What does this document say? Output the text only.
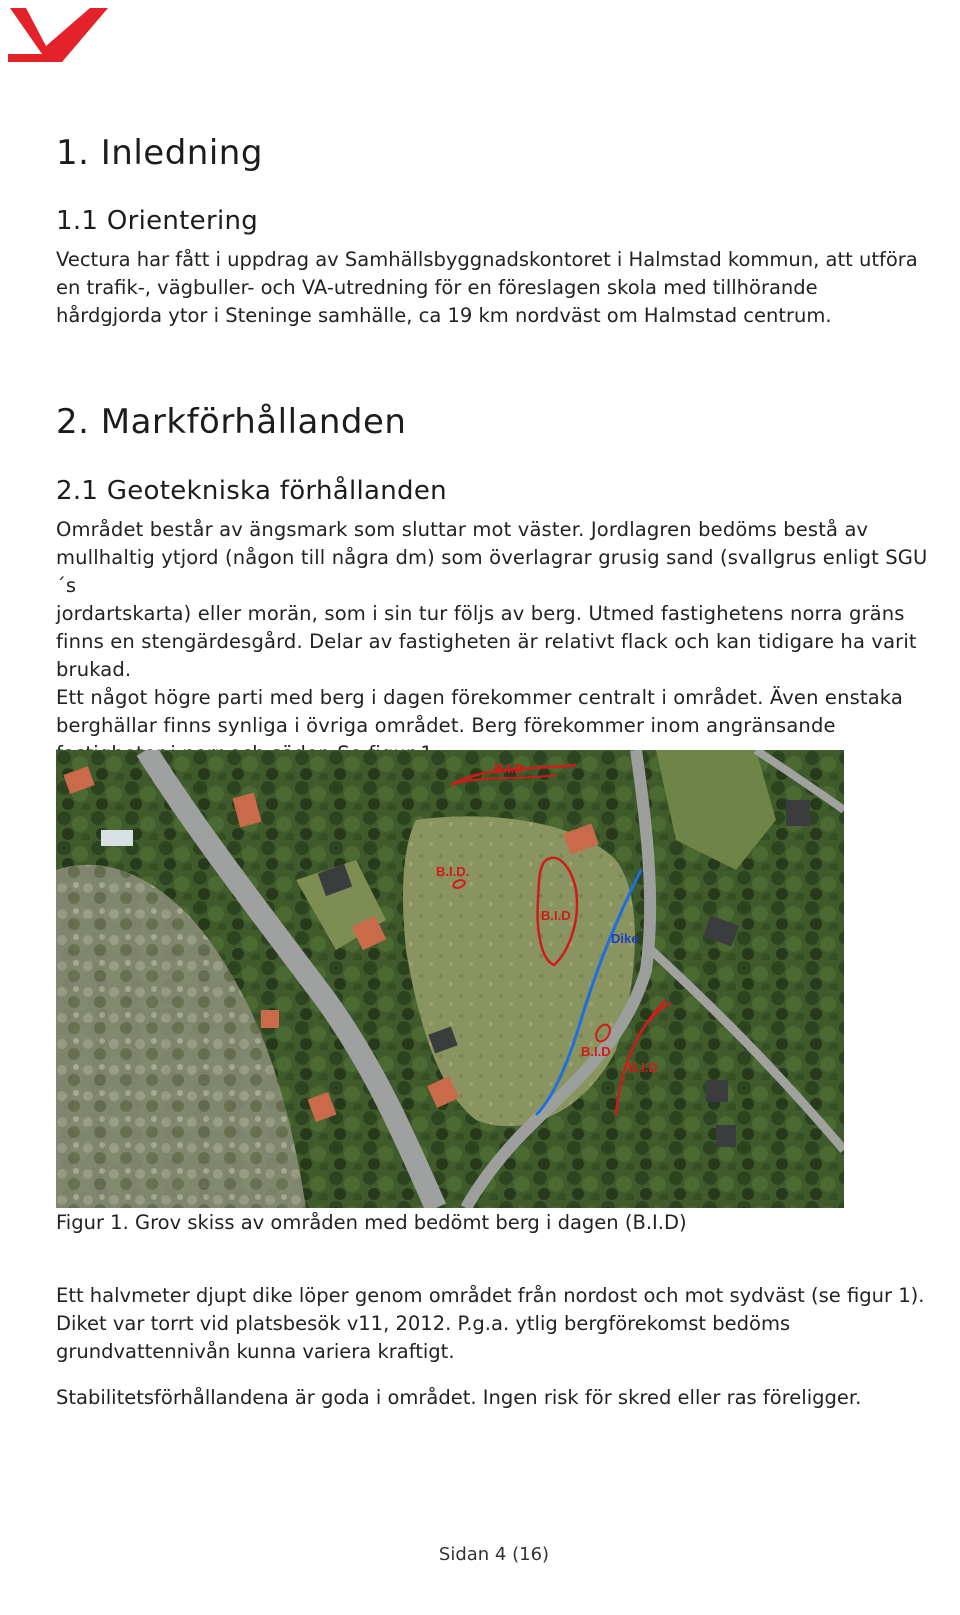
1. Inledning
1.1 Orientering

Vectura har fått i uppdrag av Samhällsbyggnadskontoret i Halmstad kommun, att utföra
en trafik-, vägbuller- och VA-utredning för en föreslagen skola med tillhörande
hårdgjorda ytor i Steninge samhälle, ca 19 km nordväst om Halmstad centrum.

2. Markförhållanden
2.1 Geotekniska förhållanden

Området består av ängsmark som sluttar mot väster. Jordlagren bedöms bestå av
mullhaltig ytjord (någon till några dm) som överlagrar grusig sand (svallgrus enligt SGU´s
jordartskarta) eller morän, som i sin tur följs av berg. Utmed fastighetens norra gräns
finns en stengärdesgård. Delar av fastigheten är relativt flack och kan tidigare ha varit
brukad.
Ett något högre parti med berg i dagen förekommer centralt i området. Även enstaka
berghällar finns synliga i övriga området. Berg förekommer inom angränsande

B.I.D
B.I.D.
B.I.D
Dike
B.I.D
B.I.D

Figur 1. Grov skiss av områden med bedömt berg i dagen (B.I.D)

Ett halvmeter djupt dike löper genom området från nordost och mot sydväst (se figur 1).
Diket var torrt vid platsbesök v11, 2012. P.g.a. ytlig bergförekomst bedöms
grundvattennivån kunna variera kraftigt.

Stabilitetsförhållandena är goda i området. Ingen risk för skred eller ras föreligger.

Sidan 4 (16)
